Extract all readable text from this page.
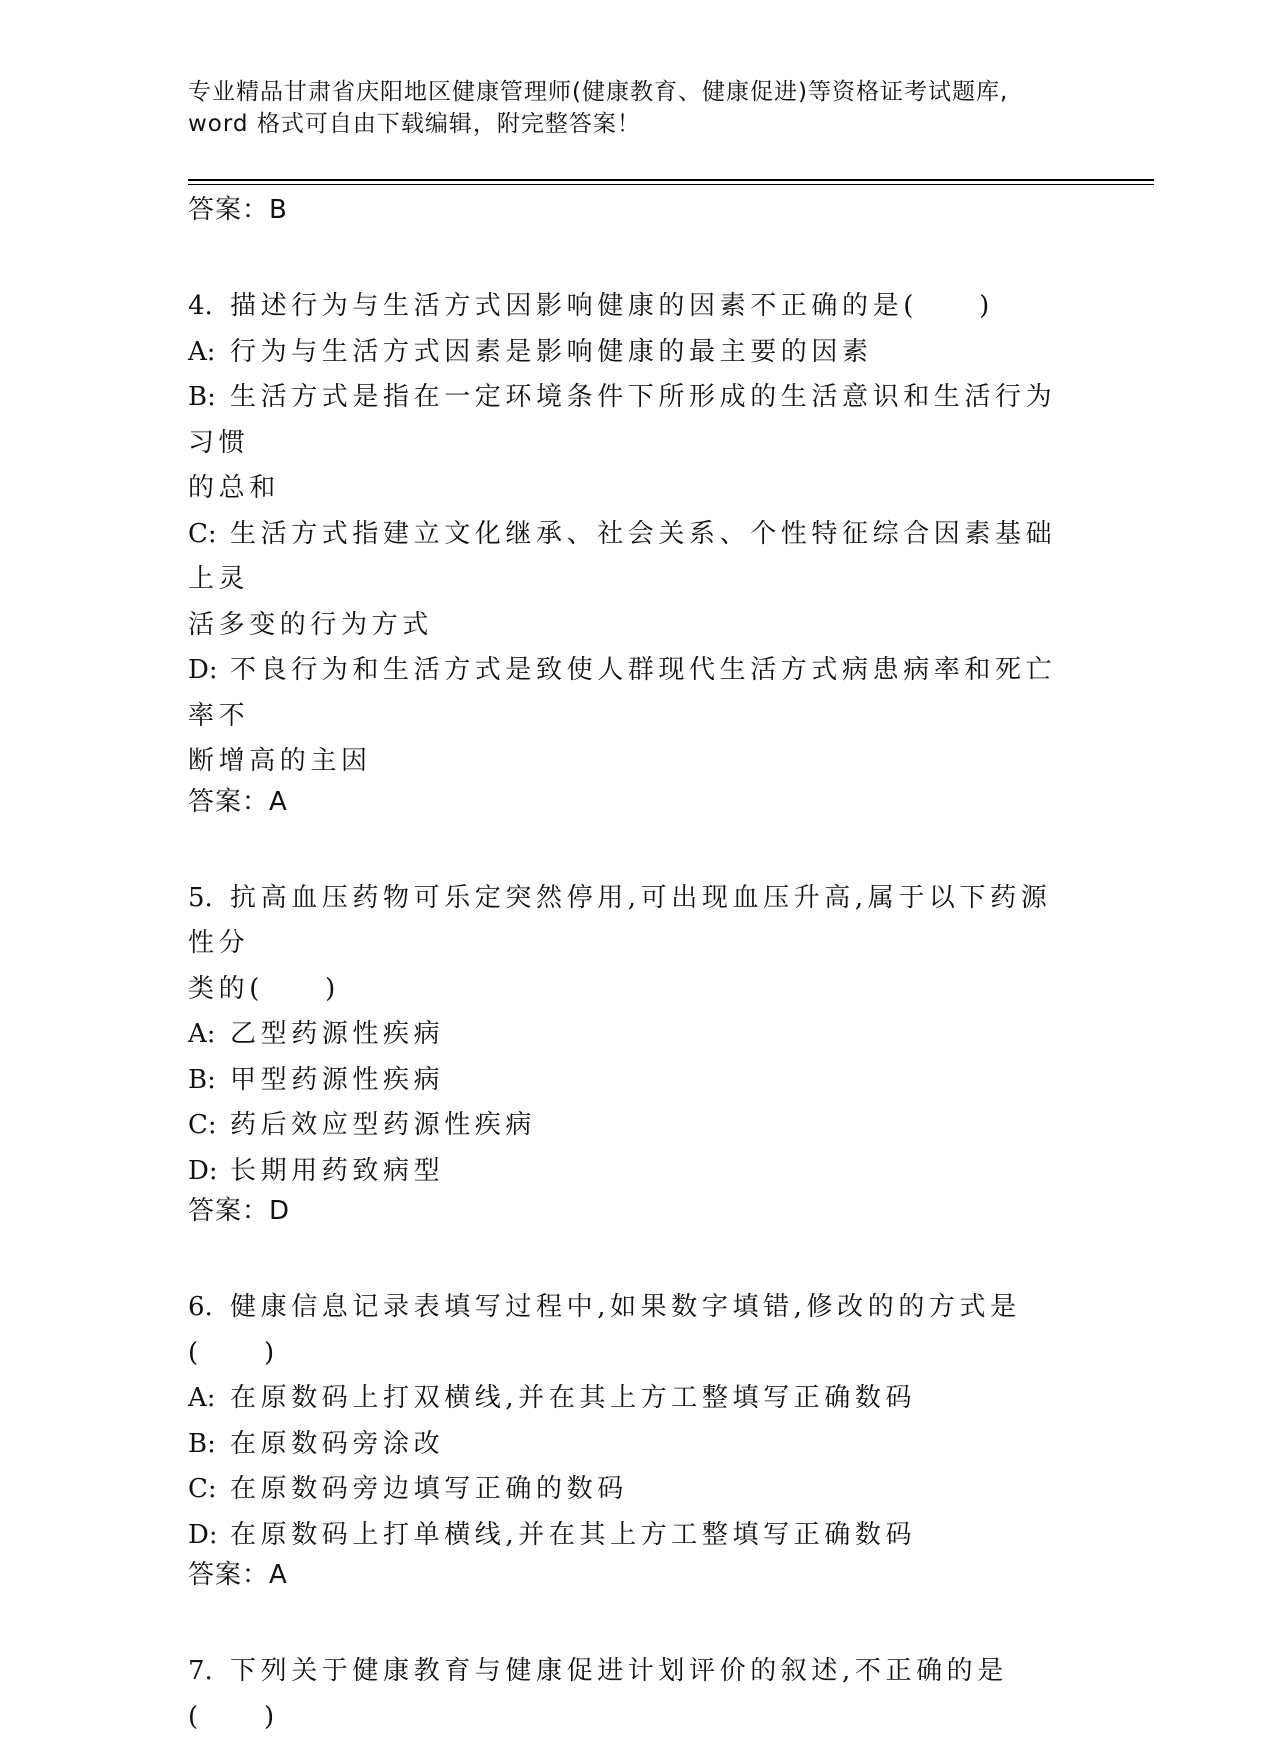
专业精品甘肃省庆阳地区健康管理师(健康教育、健康促进)等资格证考试题库,
word 格式可自由下载编辑，附完整答案！
答案：B
4. 描述行为与生活方式因影响健康的因素不正确的是(　　)
A: 行为与生活方式因素是影响健康的最主要的因素
B: 生活方式是指在一定环境条件下所形成的生活意识和生活行为习惯
的总和
C: 生活方式指建立文化继承、社会关系、个性特征综合因素基础上灵
活多变的行为方式
D: 不良行为和生活方式是致使人群现代生活方式病患病率和死亡率不
断增高的主因
答案：A
5. 抗高血压药物可乐定突然停用,可出现血压升高,属于以下药源性分
类的(　　)
A: 乙型药源性疾病
B: 甲型药源性疾病
C: 药后效应型药源性疾病
D: 长期用药致病型
答案：D
6. 健康信息记录表填写过程中,如果数字填错,修改的的方式是(　　)
A: 在原数码上打双横线,并在其上方工整填写正确数码
B: 在原数码旁涂改
C: 在原数码旁边填写正确的数码
D: 在原数码上打单横线,并在其上方工整填写正确数码
答案：A
7. 下列关于健康教育与健康促进计划评价的叙述,不正确的是(　　)
